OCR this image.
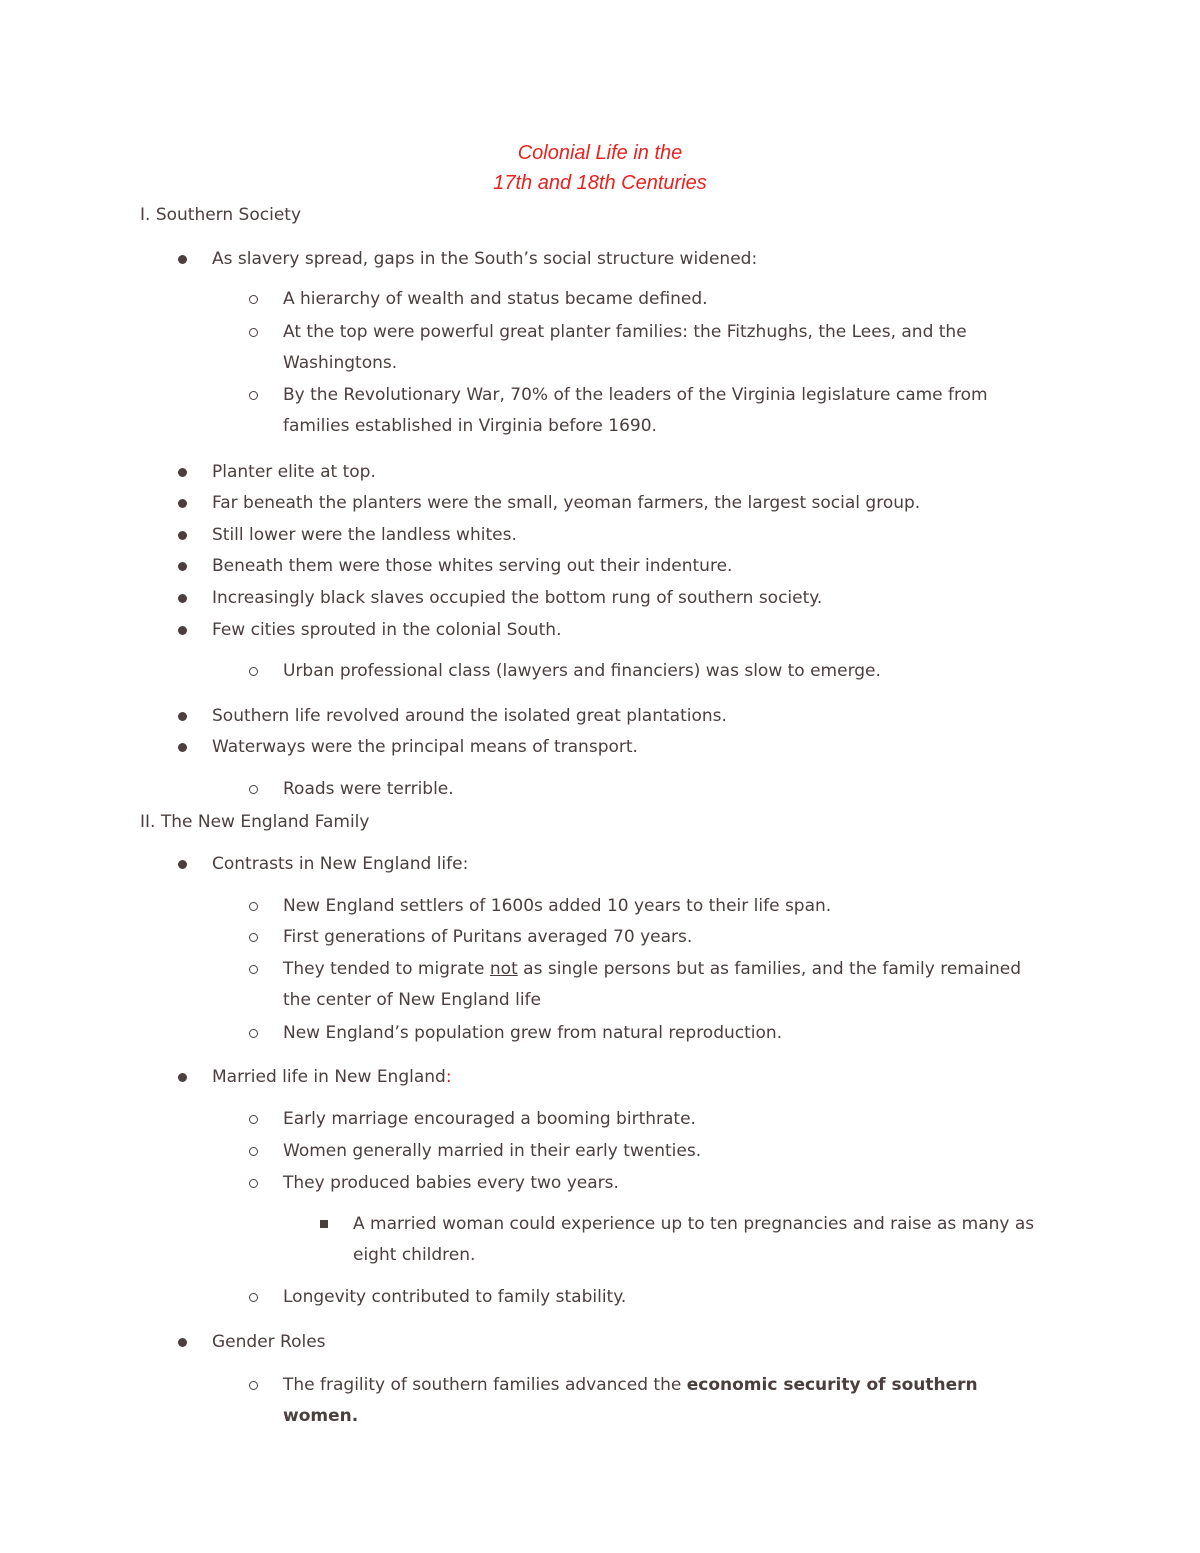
Colonial Life in the
17th and 18th Centuries
I. Southern Society
As slavery spread, gaps in the South’s social structure widened:
A hierarchy of wealth and status became defined.
At the top were powerful great planter families: the Fitzhughs, the Lees, and the Washingtons.
By the Revolutionary War, 70% of the leaders of the Virginia legislature came from families established in Virginia before 1690.
Planter elite at top.
Far beneath the planters were the small, yeoman farmers, the largest social group.
Still lower were the landless whites.
Beneath them were those whites serving out their indenture.
Increasingly black slaves occupied the bottom rung of southern society.
Few cities sprouted in the colonial South.
Urban professional class (lawyers and financiers) was slow to emerge.
Southern life revolved around the isolated great plantations.
Waterways were the principal means of transport.
Roads were terrible.
II. The New England Family
Contrasts in New England life:
New England settlers of 1600s added 10 years to their life span.
First generations of Puritans averaged 70 years.
They tended to migrate not as single persons but as families, and the family remained the center of New England life
New England’s population grew from natural reproduction.
Married life in New England:
Early marriage encouraged a booming birthrate.
Women generally married in their early twenties.
They produced babies every two years.
A married woman could experience up to ten pregnancies and raise as many as eight children.
Longevity contributed to family stability.
Gender Roles
The fragility of southern families advanced the economic security of southern women.
